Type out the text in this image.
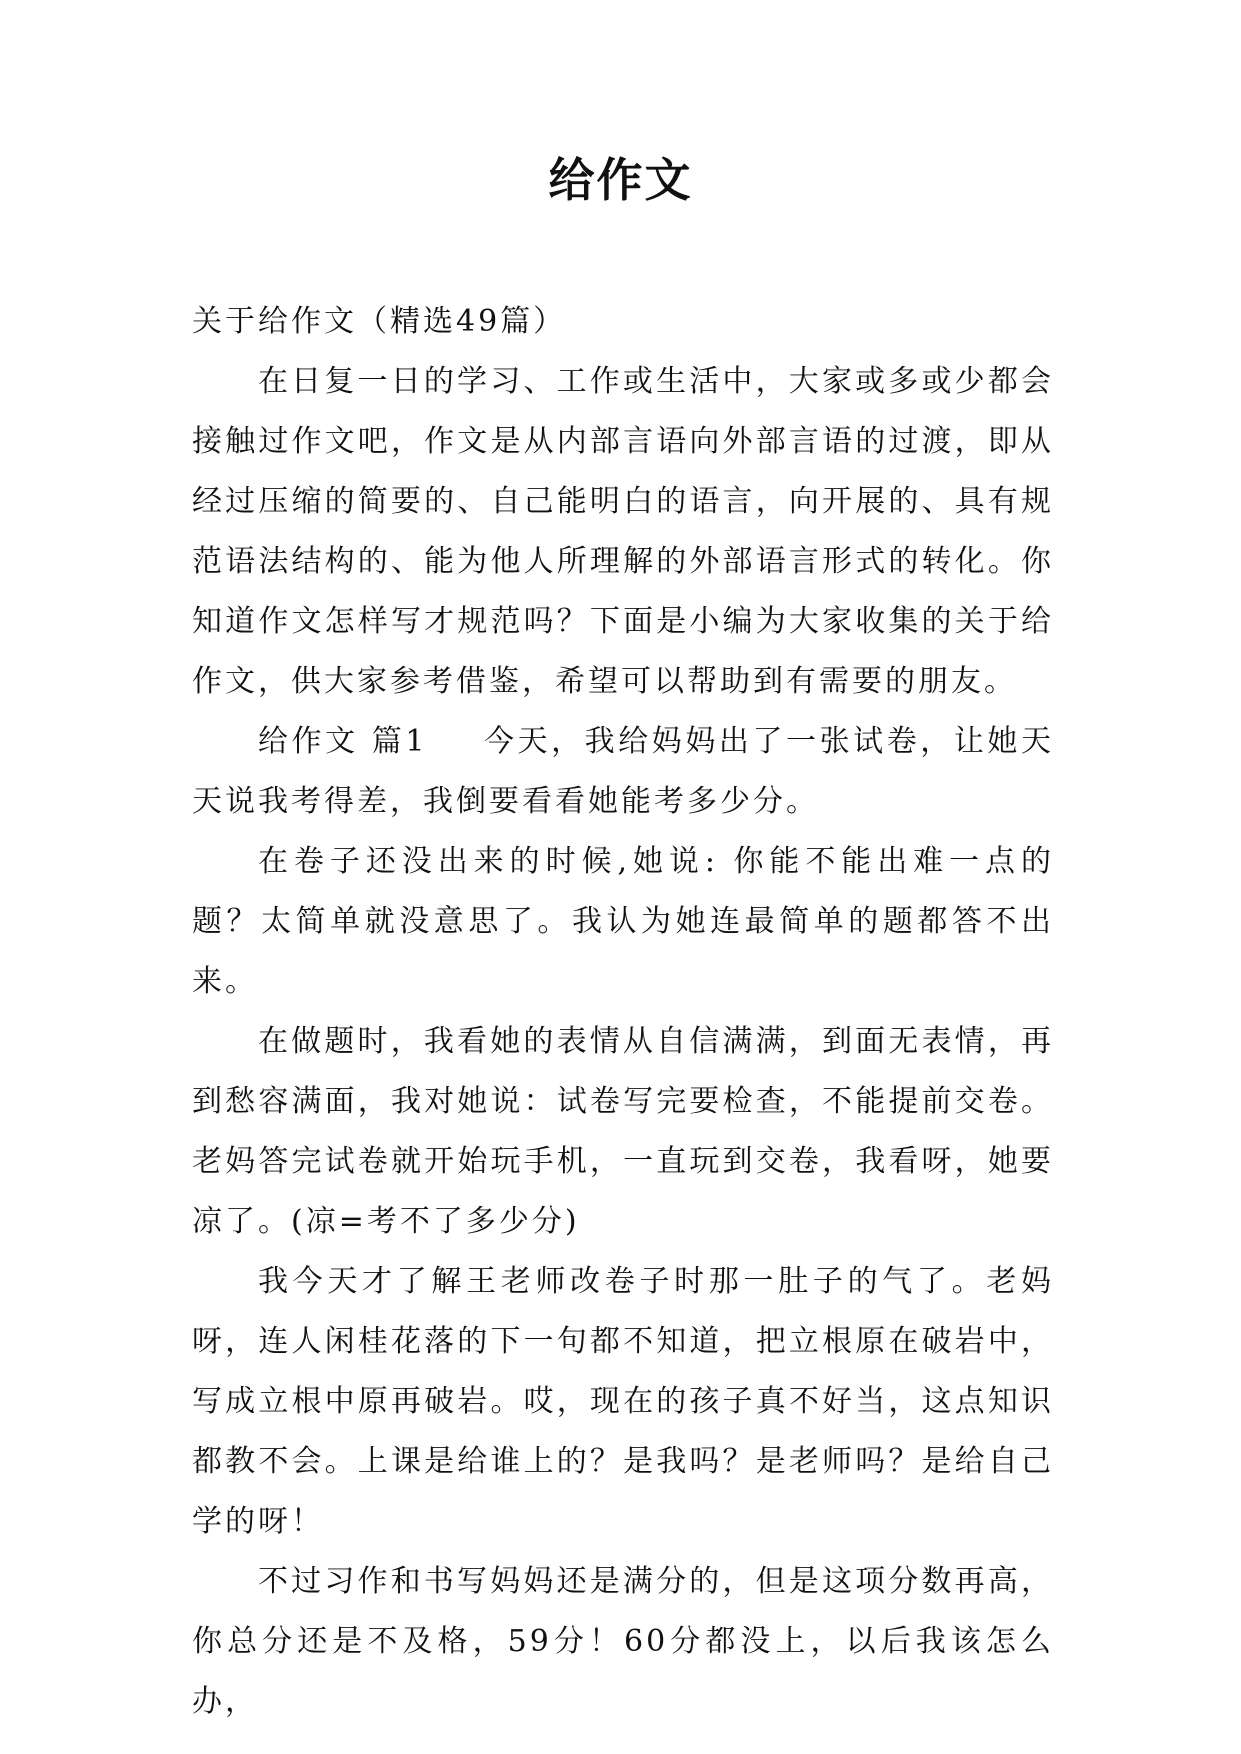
给作文

关于给作文（精选49篇）

在日复一日的学习、工作或生活中，大家或多或少都会接触过作文吧，作文是从内部言语向外部言语的过渡，即从经过压缩的简要的、自己能明白的语言，向开展的、具有规范语法结构的、能为他人所理解的外部语言形式的转化。你知道作文怎样写才规范吗？下面是小编为大家收集的关于给作文，供大家参考借鉴，希望可以帮助到有需要的朋友。

给作文 篇1 今天，我给妈妈出了一张试卷，让她天天说我考得差，我倒要看看她能考多少分。

在卷子还没出来的时候,她说: 你能不能出难一点的题？太简单就没意思了。我认为她连最简单的题都答不出来。

在做题时，我看她的表情从自信满满，到面无表情，再到愁容满面，我对她说：试卷写完要检查，不能提前交卷。老妈答完试卷就开始玩手机，一直玩到交卷，我看呀，她要凉了。(凉=考不了多少分)

我今天才了解王老师改卷子时那一肚子的气了。老妈呀，连人闲桂花落的下一句都不知道，把立根原在破岩中，写成立根中原再破岩。哎，现在的孩子真不好当，这点知识都教不会。上课是给谁上的？是我吗？是老师吗？是给自己学的呀！

不过习作和书写妈妈还是满分的，但是这项分数再高，你总分还是不及格，59分！60分都没上，以后我该怎么办，
